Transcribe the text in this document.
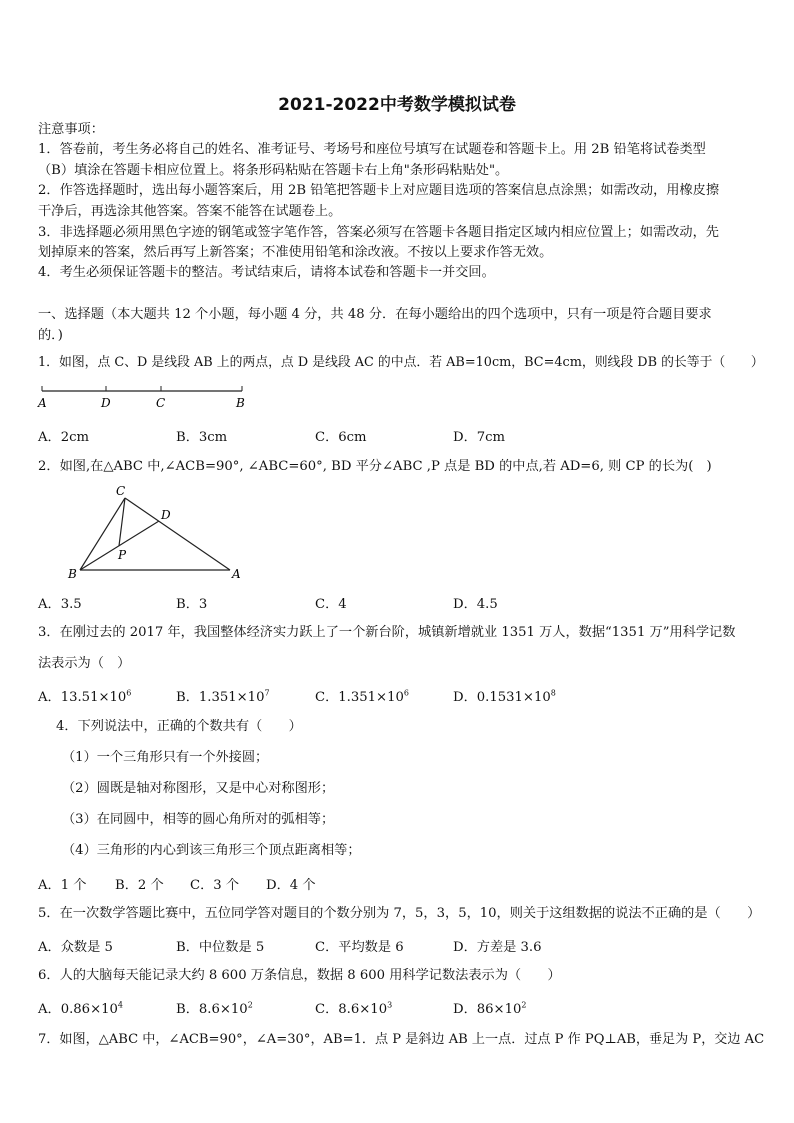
2021-2022中考数学模拟试卷
注意事项：
1．答卷前，考生务必将自己的姓名、准考证号、考场号和座位号填写在试题卷和答题卡上。用 2B 铅笔将试卷类型
（B）填涂在答题卡相应位置上。将条形码粘贴在答题卡右上角"条形码粘贴处"。
2．作答选择题时，选出每小题答案后，用 2B 铅笔把答题卡上对应题目选项的答案信息点涂黑；如需改动，用橡皮擦
干净后，再选涂其他答案。答案不能答在试题卷上。
3．非选择题必须用黑色字迹的钢笔或签字笔作答，答案必须写在答题卡各题目指定区域内相应位置上；如需改动，先
划掉原来的答案，然后再写上新答案；不准使用铅笔和涂改液。不按以上要求作答无效。
4．考生必须保证答题卡的整洁。考试结束后，请将本试卷和答题卡一并交回。
一、选择题（本大题共 12 个小题，每小题 4 分，共 48 分．在每小题给出的四个选项中，只有一项是符合题目要求
的．)
1．如图，点 C、D 是线段 AB 上的两点，点 D 是线段 AC 的中点．若 AB=10cm，BC=4cm，则线段 DB 的长等于（　　）
A	D	C	B
A．2cm	B．3cm	C．6cm	D．7cm
2．如图,在△ABC 中,∠ACB=90°, ∠ABC=60°, BD 平分∠ABC ,P 点是 BD 的中点,若 AD=6, 则 CP 的长为(　)
C
D
P
B	A
A．3.5	B．3	C．4	D．4.5
3．在刚过去的 2017 年，我国整体经济实力跃上了一个新台阶，城镇新增就业 1351 万人，数据“1351 万”用科学记数
法表示为（　）
A．$13.51\times 10^6$	B．$1.351\times 10^7$	C．$1.351\times 10^6$	D．$0.1531\times 10^8$
4．下列说法中，正确的个数共有（　　）
（1）一个三角形只有一个外接圆；
（2）圆既是轴对称图形，又是中心对称图形；
（3）在同圆中，相等的圆心角所对的弧相等；
（4）三角形的内心到该三角形三个顶点距离相等；
A．1 个 B．2 个 C．3 个 D．4 个
5．在一次数学答题比赛中，五位同学答对题目的个数分别为 7，5，3，5，10，则关于这组数据的说法不正确的是（　　）
A．众数是 5	B．中位数是 5	C．平均数是 6	D．方差是 3.6
6．人的大脑每天能记录大约 8 600 万条信息，数据 8 600 用科学记数法表示为（　　）
A．$0.86\times 10^4$	B．$8.6\times 10^2$	C．$8.6\times 10^3$	D．$86\times 10^2$
7．如图，△ABC 中，∠ACB=90°，∠A=30°，AB=1．点 P 是斜边 AB 上一点．过点 P 作 PQ⊥AB，垂足为 P，交边 AC
